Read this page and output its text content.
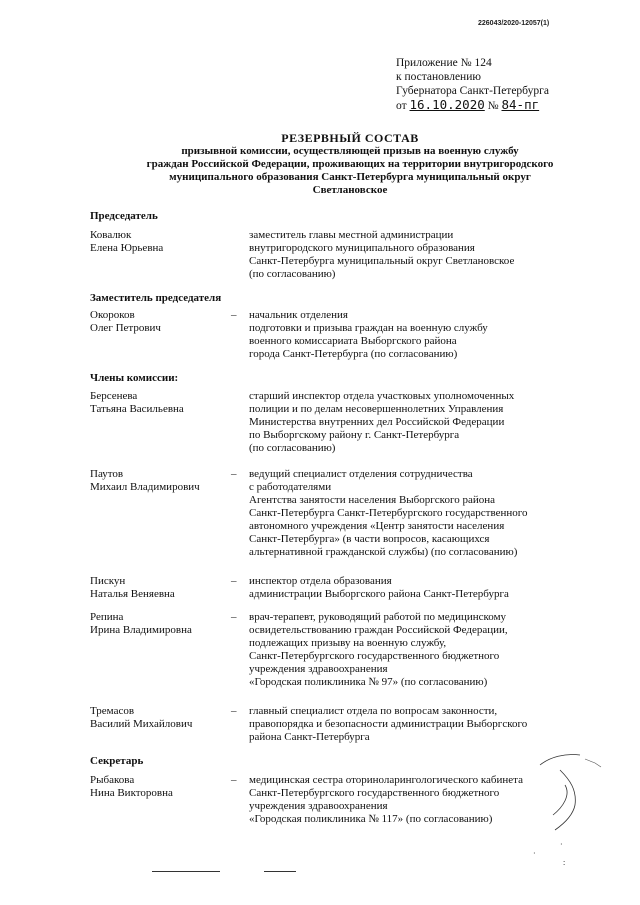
226043/2020-12057(1)
Приложение № 124
к постановлению
Губернатора Санкт-Петербурга
от 16.10.2020 № 84-пг
РЕЗЕРВНЫЙ СОСТАВ
призывной комиссии, осуществляющей призыв на военную службу
граждан Российской Федерации, проживающих на территории внутригородского
муниципального образования Санкт-Петербурга муниципальный округ
Светлановское
Председатель
Заместитель председателя
Члены комиссии:
Секретарь
Ковалюк
Елена Юрьевна
заместитель главы местной администрации
внутригородского муниципального образования
Санкт-Петербурга муниципальный округ Светлановское
(по согласованию)
Окороков
Олег Петрович
– начальник отделения
подготовки и призыва граждан на военную службу
военного комиссариата Выборгского района
города Санкт-Петербурга (по согласованию)
Берсенева
Татьяна Васильевна
старший инспектор отдела участковых уполномоченных
полиции и по делам несовершеннолетних Управления
Министерства внутренних дел Российской Федерации
по Выборгскому району г. Санкт-Петербурга
(по согласованию)
Паутов
Михаил Владимирович
– ведущий специалист отделения сотрудничества
с работодателями
Агентства занятости населения Выборгского района
Санкт-Петербурга Санкт-Петербургского государственного
автономного учреждения «Центр занятости населения
Санкт-Петербурга» (в части вопросов, касающихся
альтернативной гражданской службы) (по согласованию)
Пискун
Наталья Веняевна
– инспектор отдела образования
администрации Выборгского района Санкт-Петербурга
Репина
Ирина Владимировна
– врач-терапевт, руководящий работой по медицинскому
освидетельствованию граждан Российской Федерации,
подлежащих призыву на военную службу,
Санкт-Петербургского государственного бюджетного
учреждения здравоохранения
«Городская поликлиника № 97» (по согласованию)
Тремасов
Василий Михайлович
– главный специалист отдела по вопросам законности,
правопорядка и безопасности администрации Выборгского
района Санкт-Петербурга
Рыбакова
Нина Викторовна
– медицинская сестра оториноларингологического кабинета
Санкт-Петербургского государственного бюджетного
учреждения здравоохранения
«Городская поликлиника № 117» (по согласованию)
·
:
·
